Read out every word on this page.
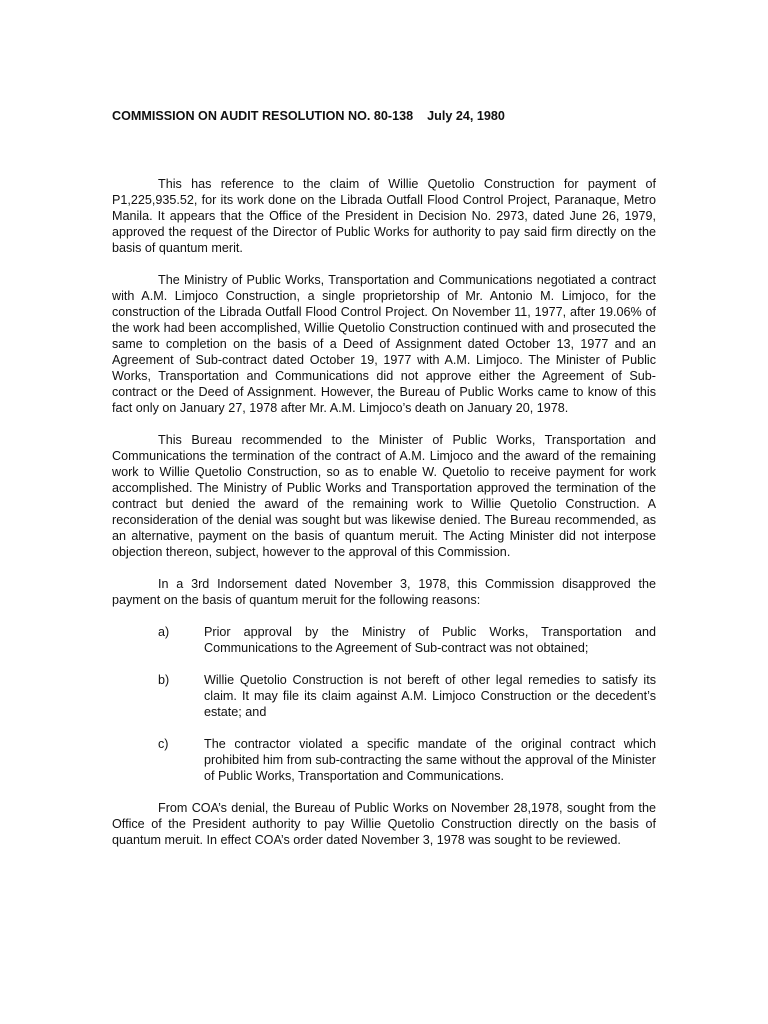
COMMISSION ON AUDIT RESOLUTION NO. 80-138 July 24, 1980

This has reference to the claim of Willie Quetolio Construction for payment of P1,225,935.52, for its work done on the Librada Outfall Flood Control Project, Paranaque, Metro Manila. It appears that the Office of the President in Decision No. 2973, dated June 26, 1979, approved the request of the Director of Public Works for authority to pay said firm directly on the basis of quantum merit.

The Ministry of Public Works, Transportation and Communications negotiated a contract with A.M. Limjoco Construction, a single proprietorship of Mr. Antonio M. Limjoco, for the construction of the Librada Outfall Flood Control Project. On November 11, 1977, after 19.06% of the work had been accomplished, Willie Quetolio Construction continued with and prosecuted the same to completion on the basis of a Deed of Assignment dated October 13, 1977 and an Agreement of Sub-contract dated October 19, 1977 with A.M. Limjoco. The Minister of Public Works, Transportation and Communications did not approve either the Agreement of Sub-contract or the Deed of Assignment. However, the Bureau of Public Works came to know of this fact only on January 27, 1978 after Mr. A.M. Limjoco’s death on January 20, 1978.

This Bureau recommended to the Minister of Public Works, Transportation and Communications the termination of the contract of A.M. Limjoco and the award of the remaining work to Willie Quetolio Construction, so as to enable W. Quetolio to receive payment for work accomplished. The Ministry of Public Works and Transportation approved the termination of the contract but denied the award of the remaining work to Willie Quetolio Construction. A reconsideration of the denial was sought but was likewise denied. The Bureau recommended, as an alternative, payment on the basis of quantum meruit. The Acting Minister did not interpose objection thereon, subject, however to the approval of this Commission.

In a 3rd Indorsement dated November 3, 1978, this Commission disapproved the payment on the basis of quantum meruit for the following reasons:

a)	Prior approval by the Ministry of Public Works, Transportation and Communications to the Agreement of Sub-contract was not obtained;
b)	Willie Quetolio Construction is not bereft of other legal remedies to satisfy its claim. It may file its claim against A.M. Limjoco Construction or the decedent’s estate; and
c)	The contractor violated a specific mandate of the original contract which prohibited him from sub-contracting the same without the approval of the Minister of Public Works, Transportation and Communications.

From COA’s denial, the Bureau of Public Works on November 28,1978, sought from the Office of the President authority to pay Willie Quetolio Construction directly on the basis of quantum meruit. In effect COA’s order dated November 3, 1978 was sought to be reviewed.
